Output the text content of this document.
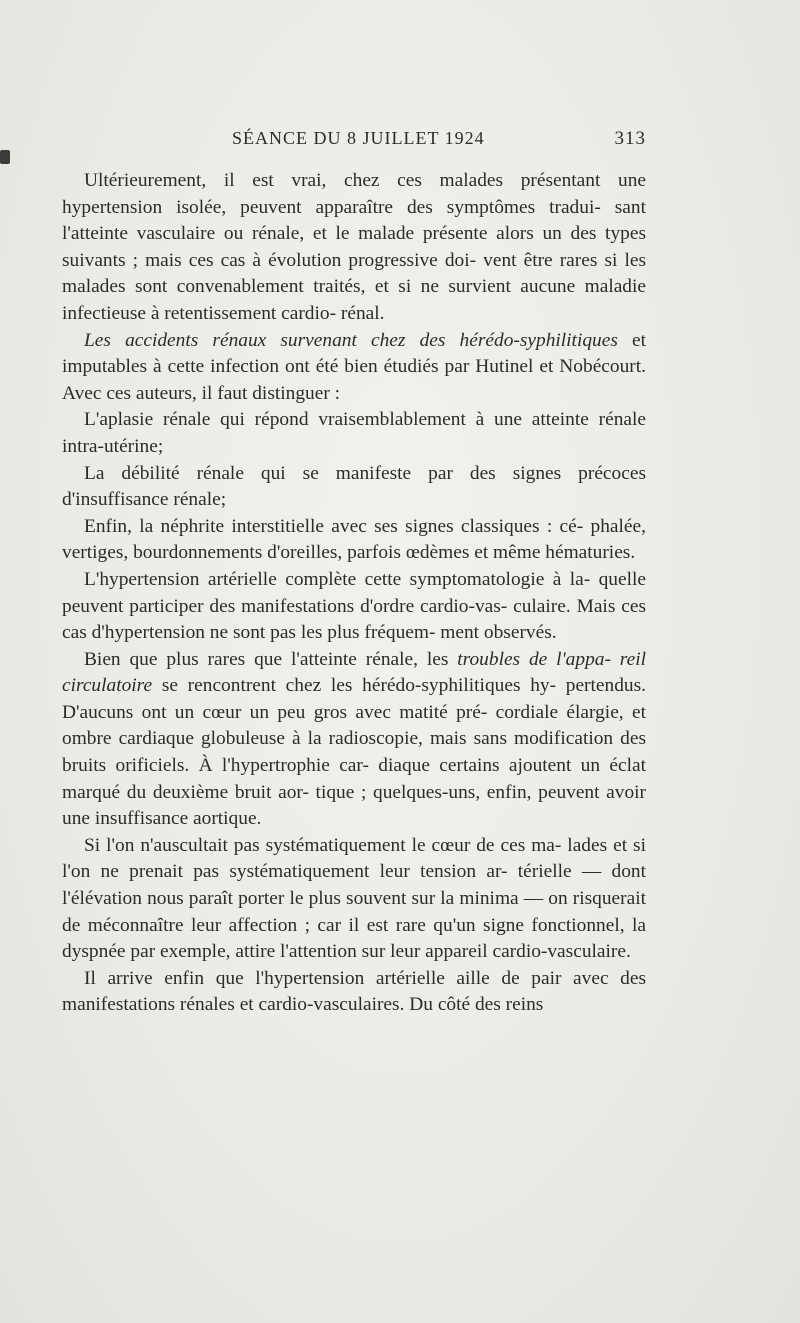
SÉANCE DU 8 JUILLET 1924	313

Ultérieurement, il est vrai, chez ces malades présentant une hypertension isolée, peuvent apparaître des symptômes tradui- sant l'atteinte vasculaire ou rénale, et le malade présente alors un des types suivants ; mais ces cas à évolution progressive doi- vent être rares si les malades sont convenablement traités, et si ne survient aucune maladie infectieuse à retentissement cardio- rénal.

Les accidents rénaux survenant chez des hérédo-syphilitiques et imputables à cette infection ont été bien étudiés par Hutinel et Nobécourt. Avec ces auteurs, il faut distinguer :

L'aplasie rénale qui répond vraisemblablement à une atteinte rénale intra-utérine;

La débilité rénale qui se manifeste par des signes précoces d'insuffisance rénale;

Enfin, la néphrite interstitielle avec ses signes classiques : cé- phalée, vertiges, bourdonnements d'oreilles, parfois œdèmes et même hématuries.

L'hypertension artérielle complète cette symptomatologie à la- quelle peuvent participer des manifestations d'ordre cardio-vas- culaire. Mais ces cas d'hypertension ne sont pas les plus fréquem- ment observés.

Bien que plus rares que l'atteinte rénale, les troubles de l'appa- reil circulatoire se rencontrent chez les hérédo-syphilitiques hy- pertendus. D'aucuns ont un cœur un peu gros avec matité pré- cordiale élargie, et ombre cardiaque globuleuse à la radioscopie, mais sans modification des bruits orificiels. À l'hypertrophie car- diaque certains ajoutent un éclat marqué du deuxième bruit aor- tique ; quelques-uns, enfin, peuvent avoir une insuffisance aortique.

Si l'on n'auscultait pas systématiquement le cœur de ces ma- lades et si l'on ne prenait pas systématiquement leur tension ar- térielle — dont l'élévation nous paraît porter le plus souvent sur la minima — on risquerait de méconnaître leur affection ; car il est rare qu'un signe fonctionnel, la dyspnée par exemple, attire l'attention sur leur appareil cardio-vasculaire.

Il arrive enfin que l'hypertension artérielle aille de pair avec des manifestations rénales et cardio-vasculaires. Du côté des reins
